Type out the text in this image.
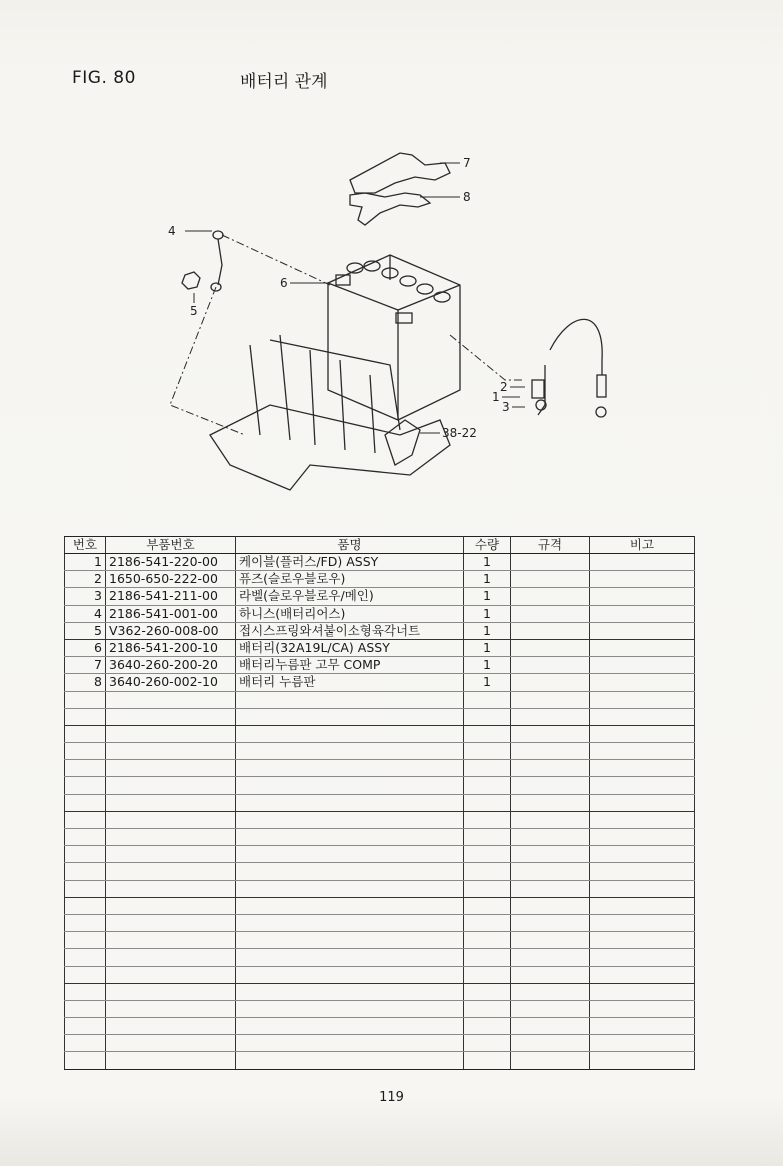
FIG. 80	배터리 관계
7
8
4
5
6
38-22
2
1
3
번호	부품번호	품명	수량	규격	비고
1	2186-541-220-00	케이블(플러스/FD) ASSY	1		
2	1650-650-222-00	퓨즈(슬로우블로우)	1		
3	2186-541-211-00	라벨(슬로우블로우/메인)	1		
4	2186-541-001-00	하니스(배터리어스)	1		
5	V362-260-008-00	접시스프링와셔붙이소형육각너트	1		
6	2186-541-200-10	배터리(32A19L/CA) ASSY	1		
7	3640-260-200-20	배터리누름판 고무 COMP	1		
8	3640-260-002-10	배터리 누름판	1		

119
